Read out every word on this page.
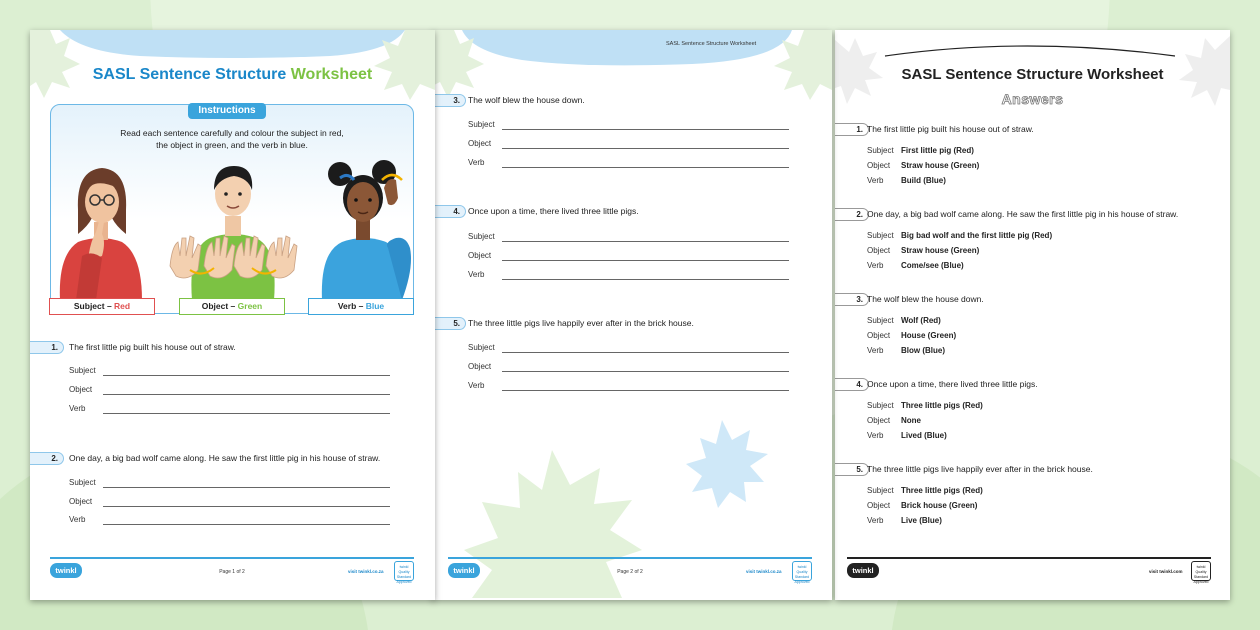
SASL Sentence Structure Worksheet
Instructions
Read each sentence carefully and colour the subject in red,
the object in green, and the verb in blue.
Subject – Red	Object – Green	Verb – Blue
1.	The first little pig built his house out of straw.
Subject
Object
Verb
2.	One day, a big bad wolf came along. He saw the first little pig in his house of straw.
Subject
Object
Verb
twinkl	Page 1 of 2	visit twinkl.co.za
twinkl Quality Standard Approved
SASL Sentence Structure Worksheet
3. The wolf blew the house down.
Subject
Object
Verb
4. Once upon a time, there lived three little pigs.
Subject
Object
Verb
5. The three little pigs live happily ever after in the brick house.
Subject
Object
Verb
twinkl	Page 2 of 2	visit twinkl.co.za
twinkl Quality Standard Approved
SASL Sentence Structure Worksheet
Answers
1. The first little pig built his house out of straw.
Subject First little pig (Red)
Object Straw house (Green)
Verb Build (Blue)
2. One day, a big bad wolf came along. He saw the first little pig in his house of straw.
Subject Big bad wolf and the first little pig (Red)
Object Straw house (Green)
Verb Come/see (Blue)
3. The wolf blew the house down.
Subject Wolf (Red)
Object House (Green)
Verb Blow (Blue)
4. Once upon a time, there lived three little pigs.
Subject Three little pigs (Red)
Object None
Verb Lived (Blue)
5. The three little pigs live happily ever after in the brick house.
Subject Three little pigs (Red)
Object Brick house (Green)
Verb Live (Blue)
twinkl	visit twinkl.com
twinkl Quality Standard Approved
